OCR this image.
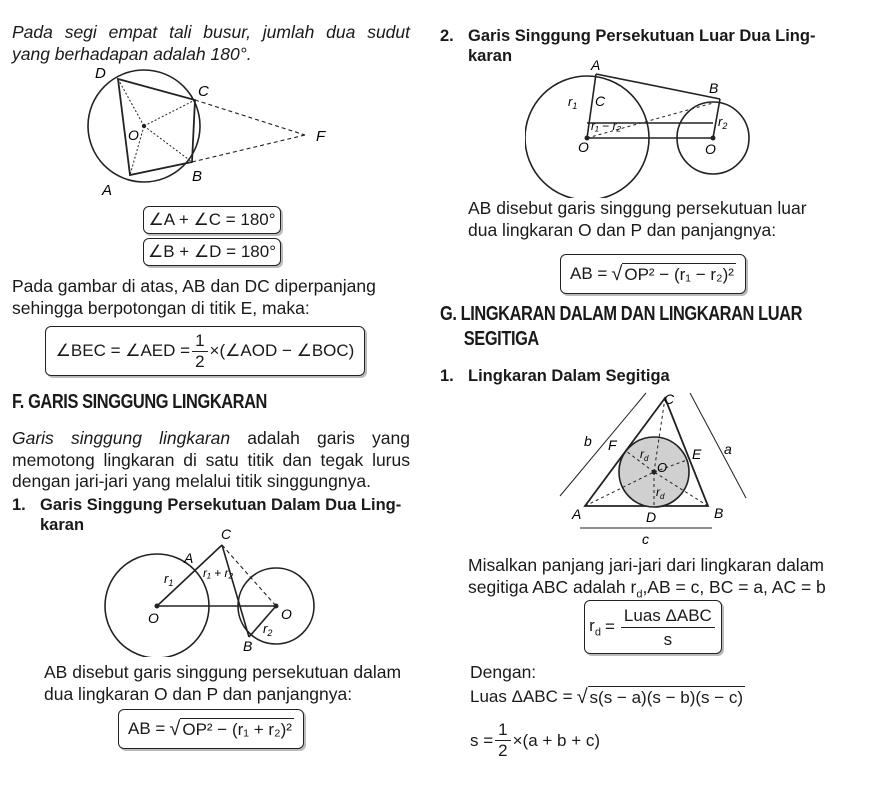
Pada segi empat tali busur, jumlah dua sudut
yang berhadapan adalah 180°.
D
C
O
A
B
F
∠A + ∠C = 180°
∠B + ∠D = 180°
Pada gambar di atas, AB dan DC diperpanjang
sehingga berpotongan di titik E, maka:
∠BEC = ∠AED = $\frac{1}{2}$ ×(∠AOD − ∠BOC)
F. GARIS SINGGUNG LINGKARAN
Garis singgung lingkaran adalah garis yang
memotong lingkaran di satu titik dan tegak lurus
dengan jari-jari yang melalui titik singgungnya.
1. Garis Singgung Persekutuan Dalam Dua Ling-
karan	C
A
$r_1$
r₁ + r₂
O	O
$r_2$
B
AB disebut garis singgung persekutuan dalam
dua lingkaran O dan P dan panjangnya:
AB = √ OP² − (r₁ + r₂)²
2. Garis Singgung Persekutuan Luar Dua Ling-
karan	A
B
$r_1$ C
r₁ − r₂	$r_2$
O	O
AB disebut garis singgung persekutuan luar
dua lingkaran O dan P dan panjangnya:
AB = √ OP² − (r₁ − r₂)²
G. LINGKARAN DALAM DAN LINGKARAN LUAR
SEGITIGA
1. Lingkaran Dalam Segitiga
C
b F
E a
$r_d$
O
$r_d$
A	D	B
c
Misalkan panjang jari-jari dari lingkaran dalam
segitiga ABC adalah $r_d,AB = c$, BC = a, AC = b
$r_d = \frac{\text{Luas ΔABC}}{s}$
Dengan:
Luas ΔABC = √ s(s − a)(s − b)(s − c)
$s = \frac{1}{2} \times(a + b + c)$
